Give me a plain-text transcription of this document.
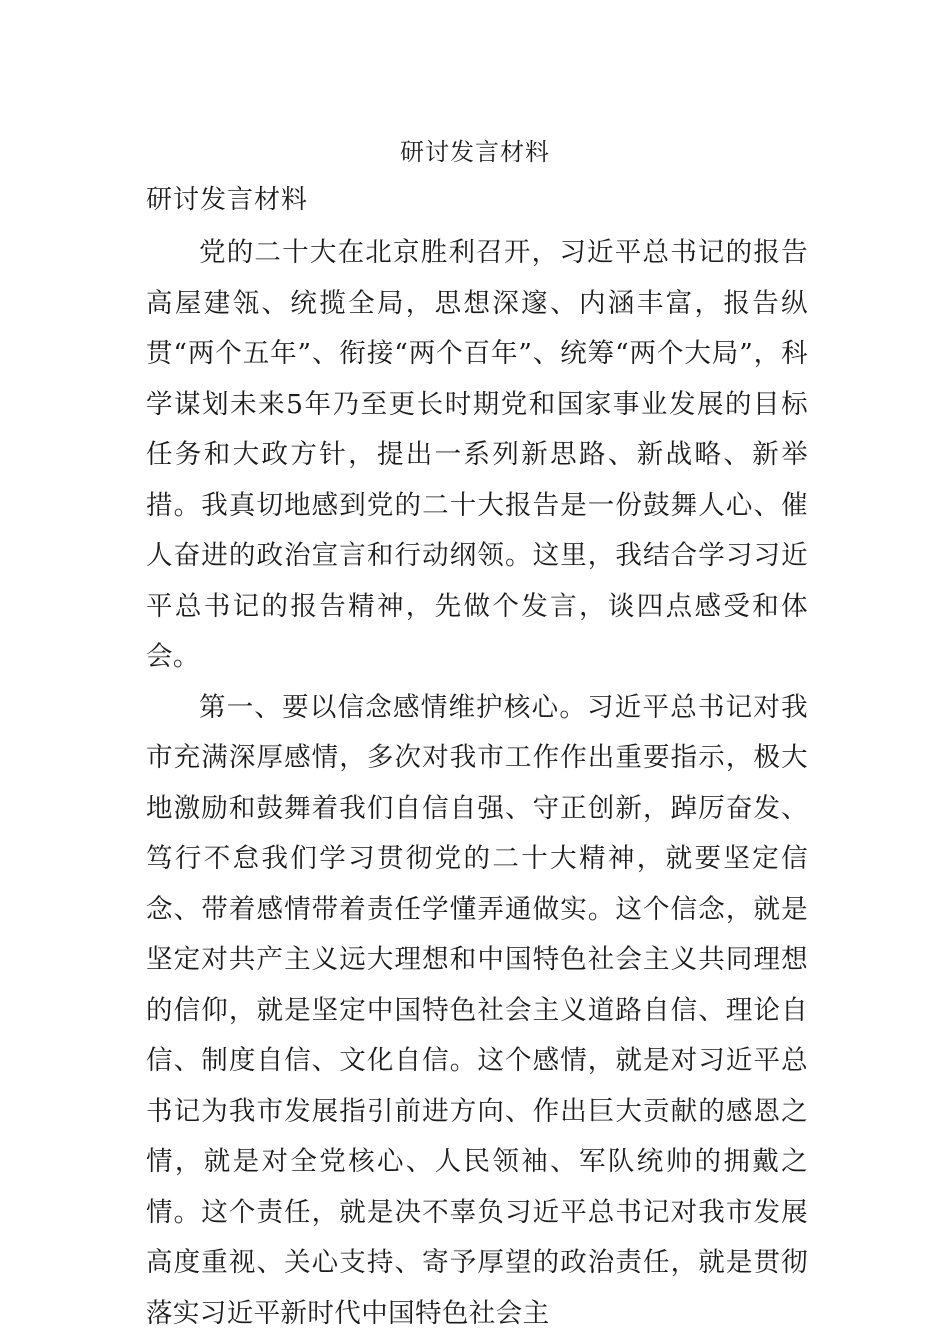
研讨发言材料
研讨发言材料

党的二十大在北京胜利召开，习近平总书记的报告高屋建瓴、统揽全局，思想深邃、内涵丰富，报告纵贯“两个五年”、衔接“两个百年”、统筹“两个大局”，科学谋划未来5年乃至更长时期党和国家事业发展的目标任务和大政方针，提出一系列新思路、新战略、新举措。我真切地感到党的二十大报告是一份鼓舞人心、催人奋进的政治宣言和行动纲领。这里，我结合学习习近平总书记的报告精神，先做个发言，谈四点感受和体会。

第一、要以信念感情维护核心。习近平总书记对我市充满深厚感情，多次对我市工作作出重要指示，极大地激励和鼓舞着我们自信自强、守正创新，踔厉奋发、笃行不怠我们学习贯彻党的二十大精神，就要坚定信念、带着感情带着责任学懂弄通做实。这个信念，就是坚定对共产主义远大理想和中国特色社会主义共同理想的信仰，就是坚定中国特色社会主义道路自信、理论自信、制度自信、文化自信。这个感情，就是对习近平总书记为我市发展指引前进方向、作出巨大贡献的感恩之情，就是对全党核心、人民领袖、军队统帅的拥戴之情。这个责任，就是决不辜负习近平总书记对我市发展高度重视、关心支持、寄予厚望的政治责任，就是贯彻落实习近平新时代中国特色社会主
